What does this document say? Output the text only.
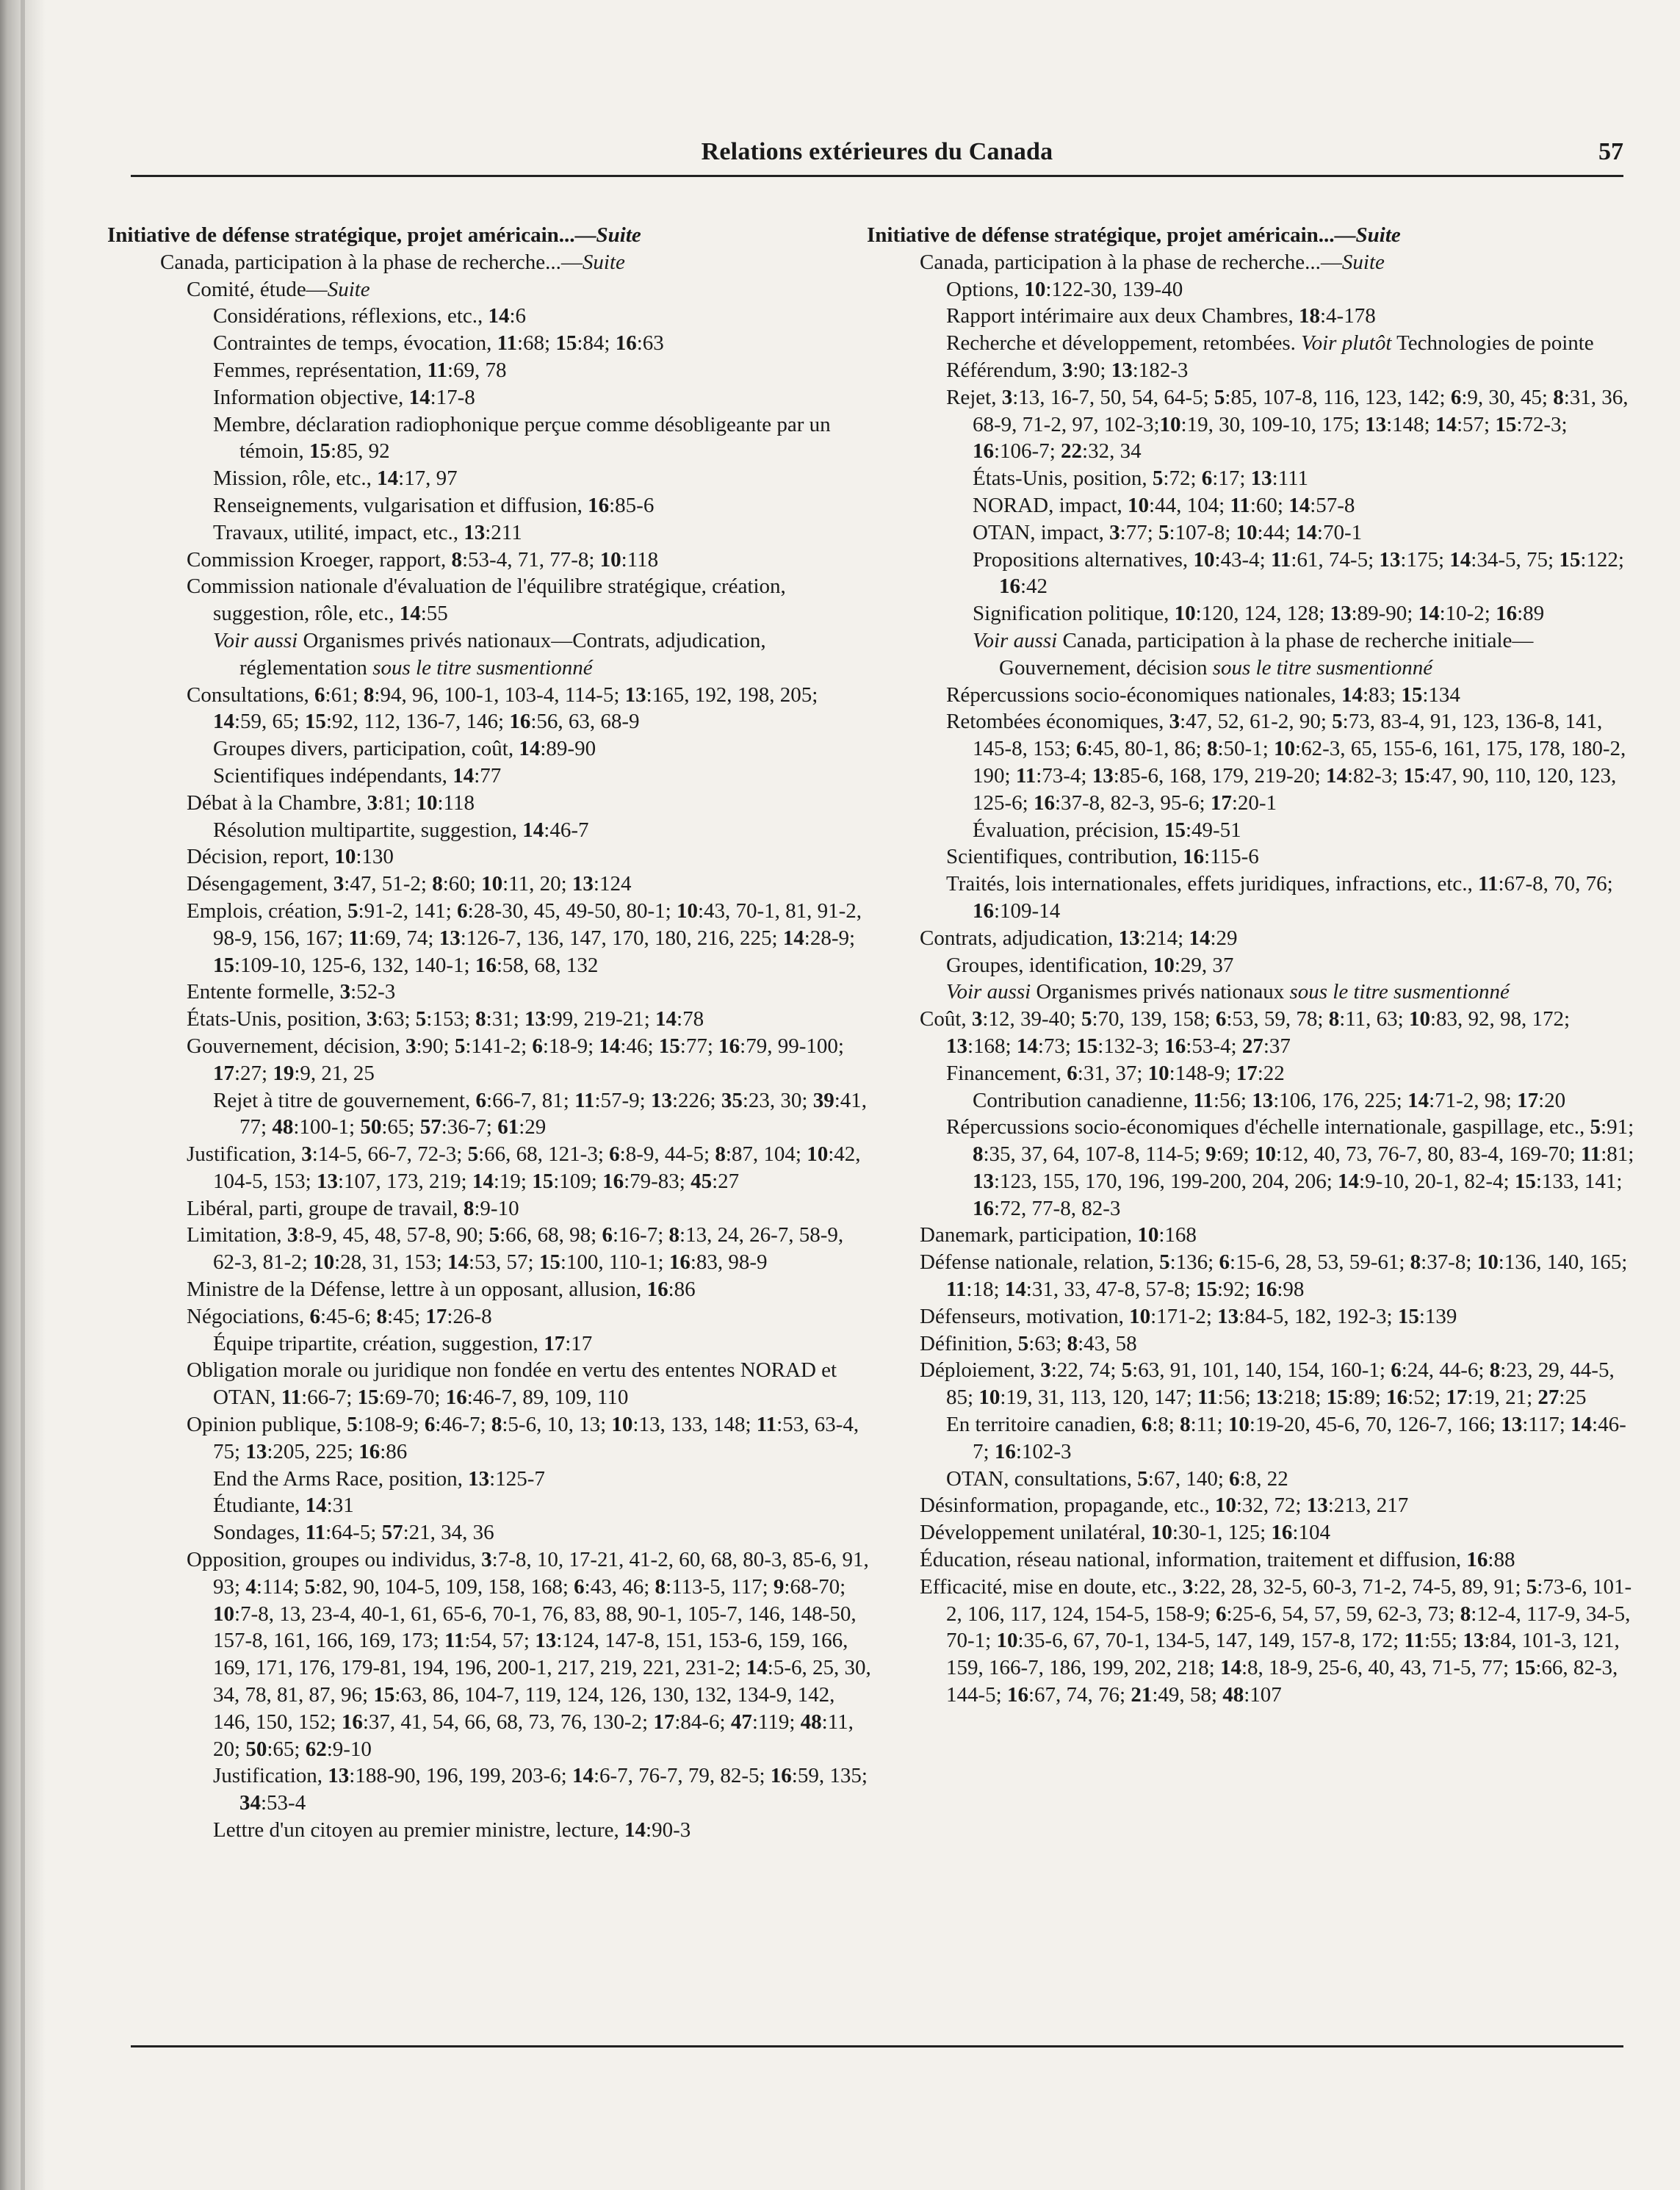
Relations extérieures du Canada	57

Initiative de défense stratégique, projet américain...—Suite

Canada, participation à la phase de recherche...—Suite

Comité, étude—Suite

Considérations, réflexions, etc., 14:6

Contraintes de temps, évocation, 11:68; 15:84; 16:63

Femmes, représentation, 11:69, 78

Information objective, 14:17-8

Membre, déclaration radiophonique perçue comme désobligeante par un témoin, 15:85, 92

Mission, rôle, etc., 14:17, 97

Renseignements, vulgarisation et diffusion, 16:85-6

Travaux, utilité, impact, etc., 13:211

Commission Kroeger, rapport, 8:53-4, 71, 77-8; 10:118

Commission nationale d'évaluation de l'équilibre stratégique, création, suggestion, rôle, etc., 14:55

Voir aussi Organismes privés nationaux—Contrats, adjudication, réglementation sous le titre susmentionné

Consultations, 6:61; 8:94, 96, 100-1, 103-4, 114-5; 13:165, 192, 198, 205; 14:59, 65; 15:92, 112, 136-7, 146; 16:56, 63, 68-9

Groupes divers, participation, coût, 14:89-90

Scientifiques indépendants, 14:77

Débat à la Chambre, 3:81; 10:118

Résolution multipartite, suggestion, 14:46-7

Décision, report, 10:130

Désengagement, 3:47, 51-2; 8:60; 10:11, 20; 13:124

Emplois, création, 5:91-2, 141; 6:28-30, 45, 49-50, 80-1; 10:43, 70-1, 81, 91-2, 98-9, 156, 167; 11:69, 74; 13:126-7, 136, 147, 170, 180, 216, 225; 14:28-9; 15:109-10, 125-6, 132, 140-1; 16:58, 68, 132

Entente formelle, 3:52-3

États-Unis, position, 3:63; 5:153; 8:31; 13:99, 219-21; 14:78

Gouvernement, décision, 3:90; 5:141-2; 6:18-9; 14:46; 15:77; 16:79, 99-100; 17:27; 19:9, 21, 25

Rejet à titre de gouvernement, 6:66-7, 81; 11:57-9; 13:226; 35:23, 30; 39:41, 77; 48:100-1; 50:65; 57:36-7; 61:29

Justification, 3:14-5, 66-7, 72-3; 5:66, 68, 121-3; 6:8-9, 44-5; 8:87, 104; 10:42, 104-5, 153; 13:107, 173, 219; 14:19; 15:109; 16:79-83; 45:27

Libéral, parti, groupe de travail, 8:9-10

Limitation, 3:8-9, 45, 48, 57-8, 90; 5:66, 68, 98; 6:16-7; 8:13, 24, 26-7, 58-9, 62-3, 81-2; 10:28, 31, 153; 14:53, 57; 15:100, 110-1; 16:83, 98-9

Ministre de la Défense, lettre à un opposant, allusion, 16:86

Négociations, 6:45-6; 8:45; 17:26-8

Équipe tripartite, création, suggestion, 17:17

Obligation morale ou juridique non fondée en vertu des ententes NORAD et OTAN, 11:66-7; 15:69-70; 16:46-7, 89, 109, 110

Opinion publique, 5:108-9; 6:46-7; 8:5-6, 10, 13; 10:13, 133, 148; 11:53, 63-4, 75; 13:205, 225; 16:86

End the Arms Race, position, 13:125-7

Étudiante, 14:31

Sondages, 11:64-5; 57:21, 34, 36

Opposition, groupes ou individus, 3:7-8, 10, 17-21, 41-2, 60, 68, 80-3, 85-6, 91, 93; 4:114; 5:82, 90, 104-5, 109, 158, 168; 6:43, 46; 8:113-5, 117; 9:68-70; 10:7-8, 13, 23-4, 40-1, 61, 65-6, 70-1, 76, 83, 88, 90-1, 105-7, 146, 148-50, 157-8, 161, 166, 169, 173; 11:54, 57; 13:124, 147-8, 151, 153-6, 159, 166, 169, 171, 176, 179-81, 194, 196, 200-1, 217, 219, 221, 231-2; 14:5-6, 25, 30, 34, 78, 81, 87, 96; 15:63, 86, 104-7, 119, 124, 126, 130, 132, 134-9, 142, 146, 150, 152; 16:37, 41, 54, 66, 68, 73, 76, 130-2; 17:84-6; 47:119; 48:11, 20; 50:65; 62:9-10

Justification, 13:188-90, 196, 199, 203-6; 14:6-7, 76-7, 79, 82-5; 16:59, 135; 34:53-4

Lettre d'un citoyen au premier ministre, lecture, 14:90-3

Initiative de défense stratégique, projet américain...—Suite

Canada, participation à la phase de recherche...—Suite

Options, 10:122-30, 139-40

Rapport intérimaire aux deux Chambres, 18:4-178

Recherche et développement, retombées. Voir plutôt Technologies de pointe

Référendum, 3:90; 13:182-3

Rejet, 3:13, 16-7, 50, 54, 64-5; 5:85, 107-8, 116, 123, 142; 6:9, 30, 45; 8:31, 36, 68-9, 71-2, 97, 102-3;10:19, 30, 109-10, 175; 13:148; 14:57; 15:72-3; 16:106-7; 22:32, 34

États-Unis, position, 5:72; 6:17; 13:111

NORAD, impact, 10:44, 104; 11:60; 14:57-8

OTAN, impact, 3:77; 5:107-8; 10:44; 14:70-1

Propositions alternatives, 10:43-4; 11:61, 74-5; 13:175; 14:34-5, 75; 15:122; 16:42

Signification politique, 10:120, 124, 128; 13:89-90; 14:10-2; 16:89

Voir aussi Canada, participation à la phase de recherche initiale—Gouvernement, décision sous le titre susmentionné

Répercussions socio-économiques nationales, 14:83; 15:134

Retombées économiques, 3:47, 52, 61-2, 90; 5:73, 83-4, 91, 123, 136-8, 141, 145-8, 153; 6:45, 80-1, 86; 8:50-1; 10:62-3, 65, 155-6, 161, 175, 178, 180-2, 190; 11:73-4; 13:85-6, 168, 179, 219-20; 14:82-3; 15:47, 90, 110, 120, 123, 125-6; 16:37-8, 82-3, 95-6; 17:20-1

Évaluation, précision, 15:49-51

Scientifiques, contribution, 16:115-6

Traités, lois internationales, effets juridiques, infractions, etc., 11:67-8, 70, 76; 16:109-14

Contrats, adjudication, 13:214; 14:29

Groupes, identification, 10:29, 37

Voir aussi Organismes privés nationaux sous le titre susmentionné

Coût, 3:12, 39-40; 5:70, 139, 158; 6:53, 59, 78; 8:11, 63; 10:83, 92, 98, 172; 13:168; 14:73; 15:132-3; 16:53-4; 27:37

Financement, 6:31, 37; 10:148-9; 17:22

Contribution canadienne, 11:56; 13:106, 176, 225; 14:71-2, 98; 17:20

Répercussions socio-économiques d'échelle internationale, gaspillage, etc., 5:91; 8:35, 37, 64, 107-8, 114-5; 9:69; 10:12, 40, 73, 76-7, 80, 83-4, 169-70; 11:81; 13:123, 155, 170, 196, 199-200, 204, 206; 14:9-10, 20-1, 82-4; 15:133, 141; 16:72, 77-8, 82-3

Danemark, participation, 10:168

Défense nationale, relation, 5:136; 6:15-6, 28, 53, 59-61; 8:37-8; 10:136, 140, 165; 11:18; 14:31, 33, 47-8, 57-8; 15:92; 16:98

Défenseurs, motivation, 10:171-2; 13:84-5, 182, 192-3; 15:139

Définition, 5:63; 8:43, 58

Déploiement, 3:22, 74; 5:63, 91, 101, 140, 154, 160-1; 6:24, 44-6; 8:23, 29, 44-5, 85; 10:19, 31, 113, 120, 147; 11:56; 13:218; 15:89; 16:52; 17:19, 21; 27:25

En territoire canadien, 6:8; 8:11; 10:19-20, 45-6, 70, 126-7, 166; 13:117; 14:46-7; 16:102-3

OTAN, consultations, 5:67, 140; 6:8, 22

Désinformation, propagande, etc., 10:32, 72; 13:213, 217

Développement unilatéral, 10:30-1, 125; 16:104

Éducation, réseau national, information, traitement et diffusion, 16:88

Efficacité, mise en doute, etc., 3:22, 28, 32-5, 60-3, 71-2, 74-5, 89, 91; 5:73-6, 101-2, 106, 117, 124, 154-5, 158-9; 6:25-6, 54, 57, 59, 62-3, 73; 8:12-4, 117-9, 34-5, 70-1; 10:35-6, 67, 70-1, 134-5, 147, 149, 157-8, 172; 11:55; 13:84, 101-3, 121, 159, 166-7, 186, 199, 202, 218; 14:8, 18-9, 25-6, 40, 43, 71-5, 77; 15:66, 82-3, 144-5; 16:67, 74, 76; 21:49, 58; 48:107
